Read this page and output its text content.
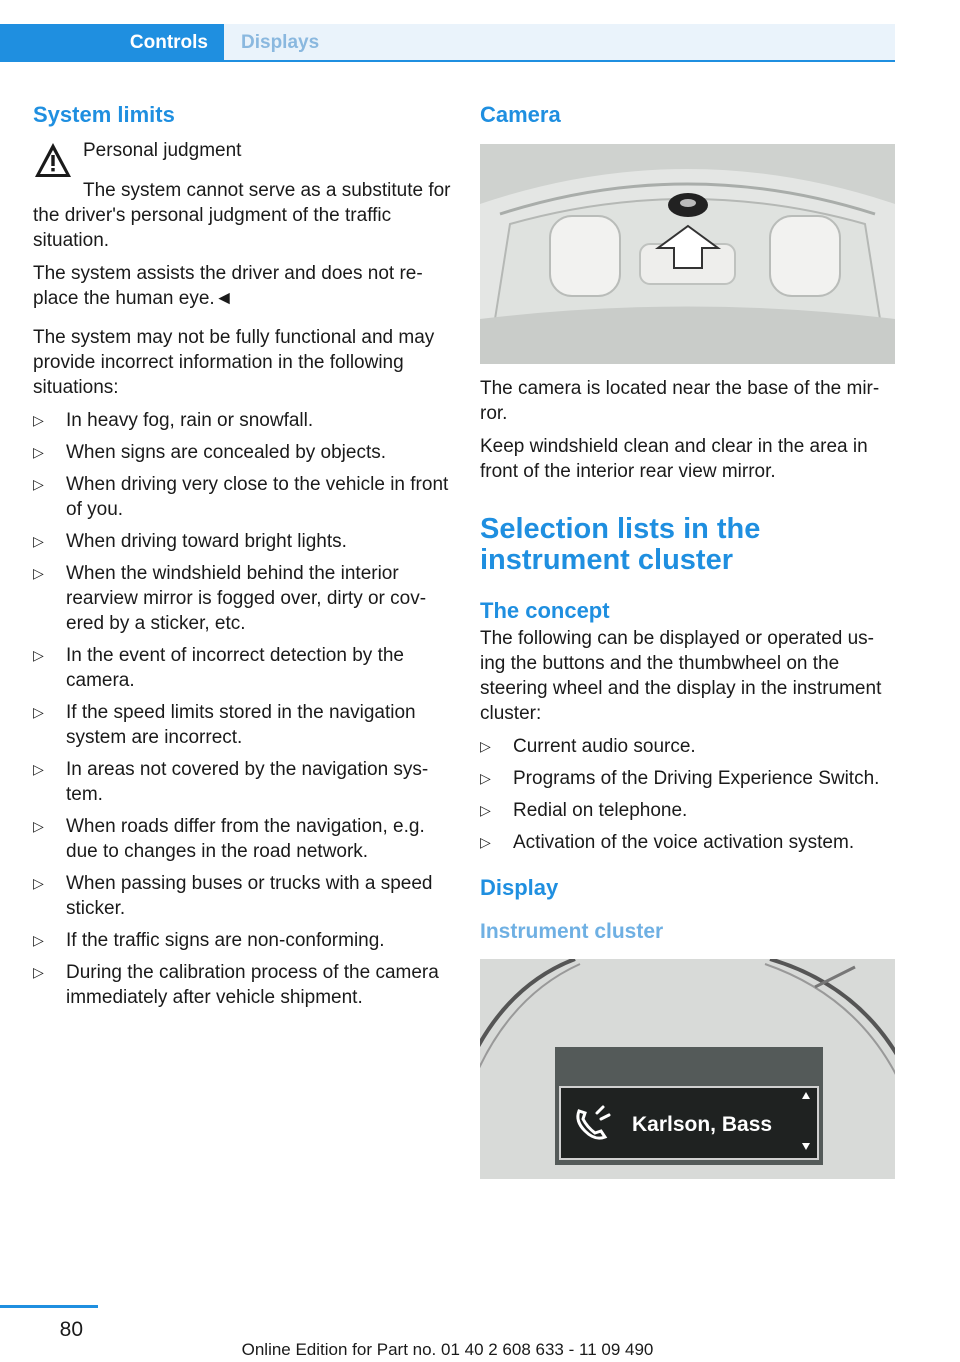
Controls	Displays
System limits
Personal judgment

The system cannot serve as a substitute for the driver's personal judgment of the traffic situation.

The system assists the driver and does not re- place the human eye.◄

The system may not be fully functional and may provide incorrect information in the following situations:

▷ In heavy fog, rain or snowfall.
▷ When signs are concealed by objects.
▷ When driving very close to the vehicle in front of you.
▷ When driving toward bright lights.
▷ When the windshield behind the interior rearview mirror is fogged over, dirty or cov- ered by a sticker, etc.
▷ In the event of incorrect detection by the camera.
▷ If the speed limits stored in the navigation system are incorrect.
▷ In areas not covered by the navigation sys- tem.
▷ When roads differ from the navigation, e.g. due to changes in the road network.
▷ When passing buses or trucks with a speed sticker.
▷ If the traffic signs are non-conforming.
▷ During the calibration process of the camera immediately after vehicle shipment.
Camera

The camera is located near the base of the mir- ror.

Keep windshield clean and clear in the area in front of the interior rear view mirror.

Selection lists in the instrument cluster
The concept

The following can be displayed or operated us- ing the buttons and the thumbwheel on the steering wheel and the display in the instrument cluster:

▷ Current audio source.
▷ Programs of the Driving Experience Switch.
▷ Redial on telephone.
▷ Activation of the voice activation system.
Display
Instrument cluster
Karlson, Bass
80
Online Edition for Part no. 01 40 2 608 633 - 11 09 490
